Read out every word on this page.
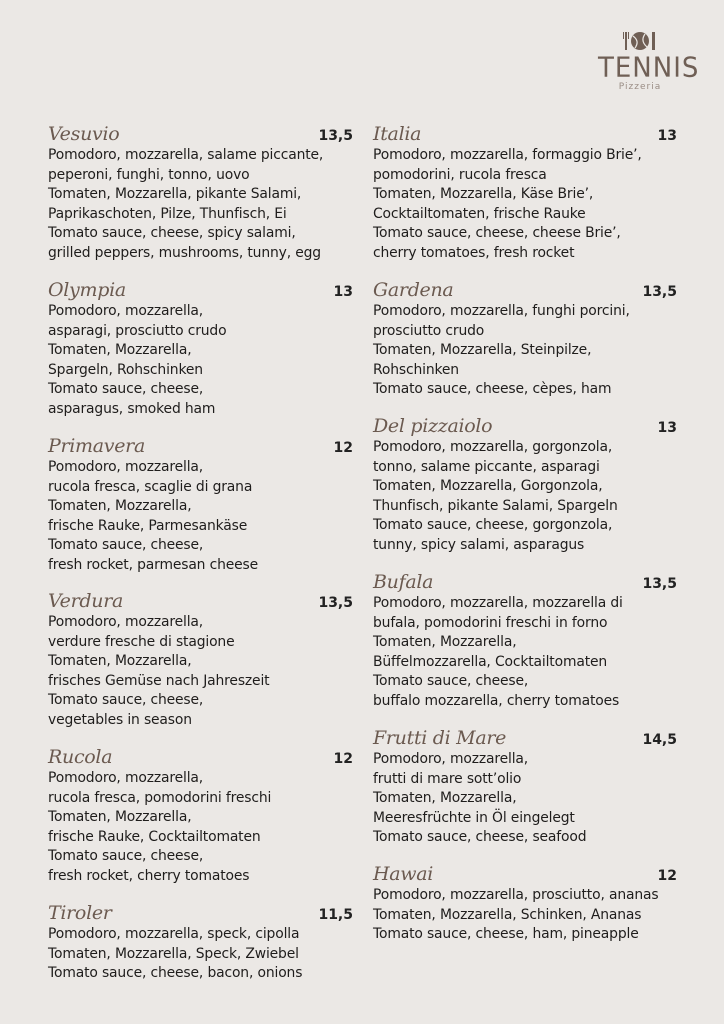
TENNIS
Pizzeria
Vesuvio	13,5
Pomodoro, mozzarella, salame piccante,
peperoni, funghi, tonno, uovo
Tomaten, Mozzarella, pikante Salami,
Paprikaschoten, Pilze, Thunfisch, Ei
Tomato sauce, cheese, spicy salami,
grilled peppers, mushrooms, tunny, egg
Olympia	13
Pomodoro, mozzarella,
asparagi, prosciutto crudo
Tomaten, Mozzarella,
Spargeln, Rohschinken
Tomato sauce, cheese,
asparagus, smoked ham
Primavera	12
Pomodoro, mozzarella,
rucola fresca, scaglie di grana
Tomaten, Mozzarella,
frische Rauke, Parmesankäse
Tomato sauce, cheese,
fresh rocket, parmesan cheese
Verdura	13,5
Pomodoro, mozzarella,
verdure fresche di stagione
Tomaten, Mozzarella,
frisches Gemüse nach Jahreszeit
Tomato sauce, cheese,
vegetables in season
Rucola	12
Pomodoro, mozzarella,
rucola fresca, pomodorini freschi
Tomaten, Mozzarella,
frische Rauke, Cocktailtomaten
Tomato sauce, cheese,
fresh rocket, cherry tomatoes
Tiroler	11,5
Pomodoro, mozzarella, speck, cipolla
Tomaten, Mozzarella, Speck, Zwiebel
Tomato sauce, cheese, bacon, onions
Italia	13
Pomodoro, mozzarella, formaggio Brie’,
pomodorini, rucola fresca
Tomaten, Mozzarella, Käse Brie’,
Cocktailtomaten, frische Rauke
Tomato sauce, cheese, cheese Brie’,
cherry tomatoes, fresh rocket
Gardena	13,5
Pomodoro, mozzarella, funghi porcini,
prosciutto crudo
Tomaten, Mozzarella, Steinpilze,
Rohschinken
Tomato sauce, cheese, cèpes, ham
Del pizzaiolo	13
Pomodoro, mozzarella, gorgonzola,
tonno, salame piccante, asparagi
Tomaten, Mozzarella, Gorgonzola,
Thunfisch, pikante Salami, Spargeln
Tomato sauce, cheese, gorgonzola,
tunny, spicy salami, asparagus
Bufala	13,5
Pomodoro, mozzarella, mozzarella di
bufala, pomodorini freschi in forno
Tomaten, Mozzarella,
Büffelmozzarella, Cocktailtomaten
Tomato sauce, cheese,
buffalo mozzarella, cherry tomatoes
Frutti di Mare	14,5
Pomodoro, mozzarella,
frutti di mare sott’olio
Tomaten, Mozzarella,
Meeresfrüchte in Öl eingelegt
Tomato sauce, cheese, seafood
Hawai	12
Pomodoro, mozzarella, prosciutto, ananas
Tomaten, Mozzarella, Schinken, Ananas
Tomato sauce, cheese, ham, pineapple
